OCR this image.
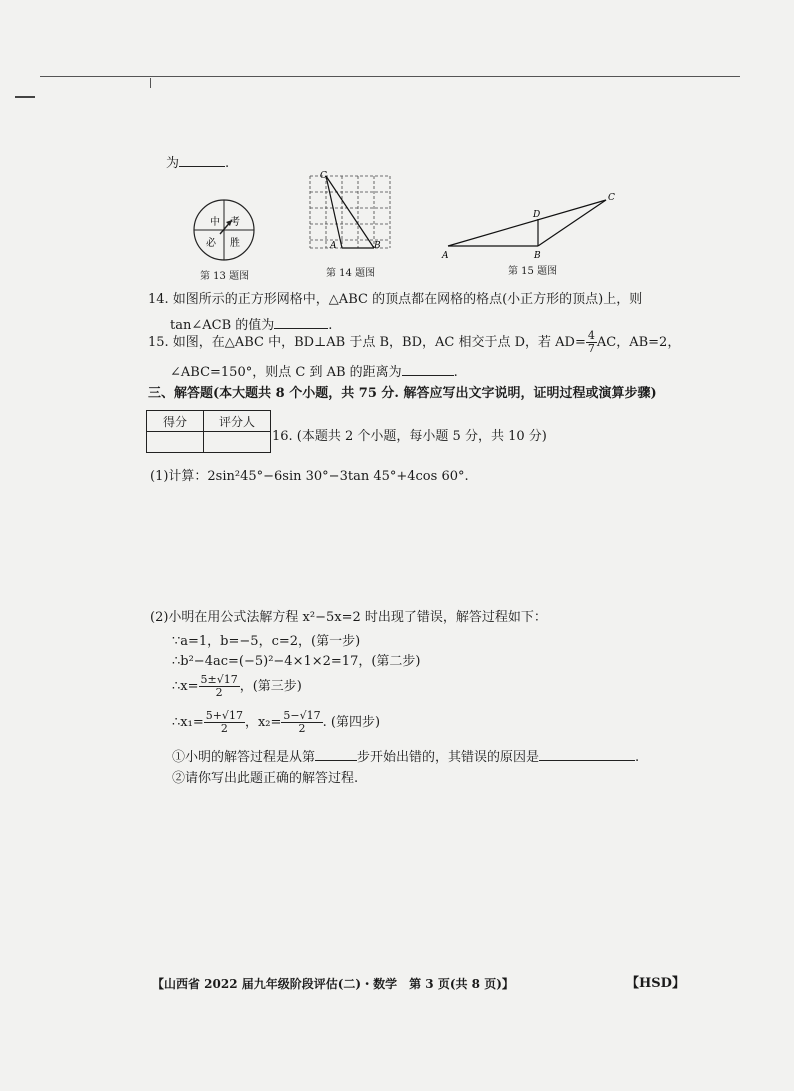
为	.
中 考
必 胜
第 13 题图
C
A	B
第 14 题图
A	B
C
D
第 15 题图
14. 如图所示的正方形网格中，△ABC 的顶点都在网格的格点(小正方形的顶点)上，则
tan∠ACB 的值为	.
15. 如图，在△ABC 中，BD⊥AB 于点 B，BD，AC 相交于点 D，若 $AD= \frac{4}{7}$ AC，AB=2，
∠ABC=150°，则点 C 到 AB 的距离为	.
三、解答题(本大题共 8 个小题，共 75 分. 解答应写出文字说明，证明过程或演算步骤)
得分	评分人

16. (本题共 2 个小题，每小题 5 分，共 10 分)
(1)计算：2sin²45°−6sin 30°−3tan 45°+4cos 60°.
(2)小明在用公式法解方程 x²−5x=2 时出现了错误，解答过程如下：
∵a=1，b=−5，c=2，(第一步)
∴b²−4ac=(−5)²−4×1×2=17，(第二步)
∴x= $\frac{5\pm√17}{2}$ ，(第三步)
∴x₁= $\frac{5+√17}{2}$ ，$x_2= \frac{5-√17}{2}$ . (第四步)
①小明的解答过程是从第	步开始出错的，其错误的原因是	.
②请你写出此题正确的解答过程.
【山西省 2022 届九年级阶段评估(二)・数学　第 3 页(共 8 页)】	【HSD】
